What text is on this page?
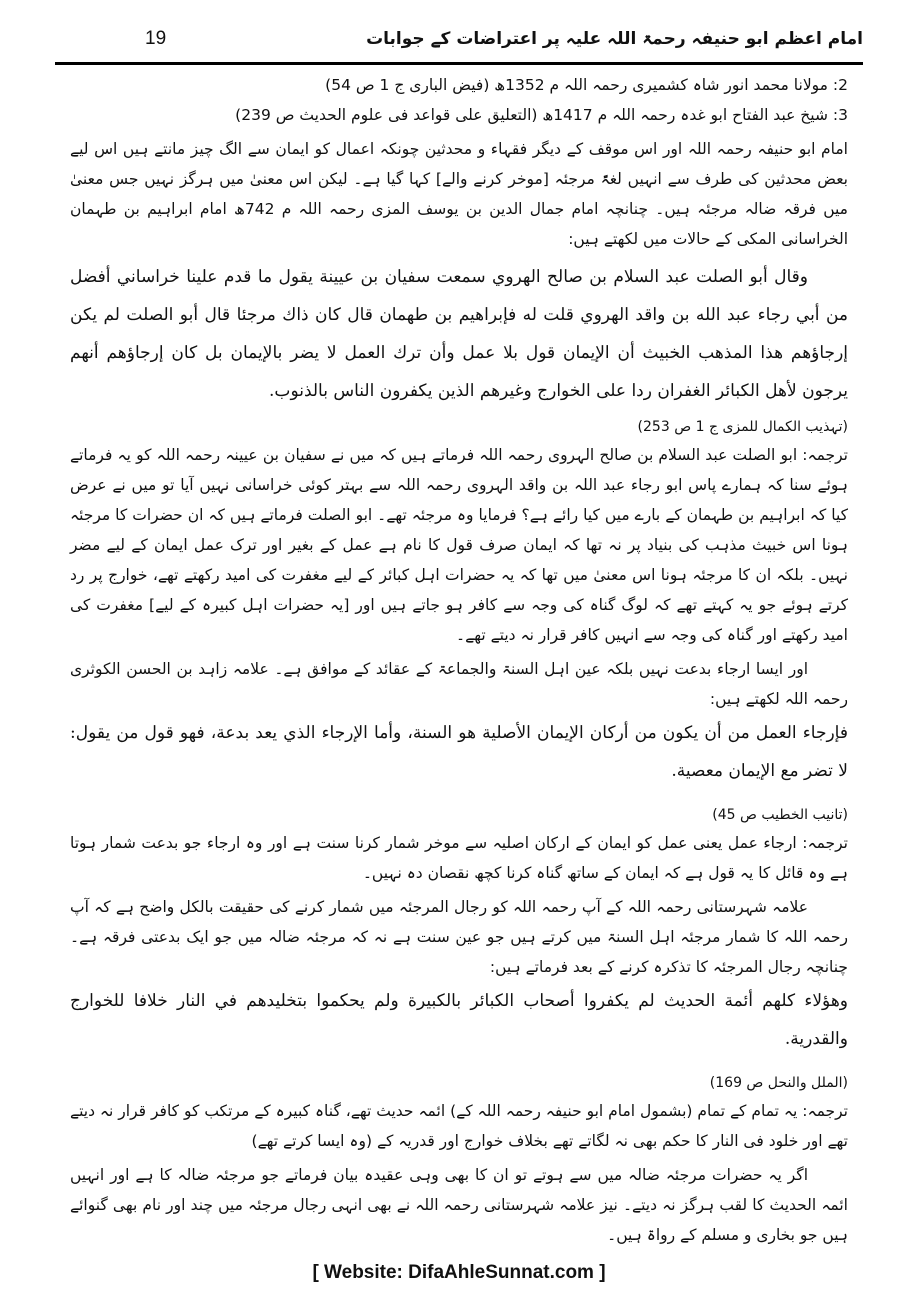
امام اعظم ابو حنیفہ رحمۃ اللہ علیہ پر اعتراضات کے جوابات
19

2: مولانا محمد انور شاہ کشمیری رحمہ اللہ م 1352ھ (فیض الباری ج 1 ص 54)

3: شیخ عبد الفتاح ابو غدہ رحمہ اللہ م 1417ھ (التعلیق علی قواعد فی علوم الحدیث ص 239)

امام ابو حنیفہ رحمہ اللہ اور اس موقف کے دیگر فقہاء و محدثین چونکہ اعمال کو ایمان سے الگ چیز مانتے ہیں اس لیے بعض محدثین کی طرف سے انہیں لغۃً مرجئہ [موخر کرنے والے] کہا گیا ہے۔ لیکن اس معنیٰ میں ہرگز نہیں جس معنیٰ میں فرقہ ضالہ مرجئہ ہیں۔ چنانچہ امام جمال الدین بن یوسف المزی رحمہ اللہ م 742ھ امام ابراہیم بن طہمان الخراسانی المکی کے حالات میں لکھتے ہیں:

وقال أبو الصلت عبد السلام بن صالح الهروي سمعت سفيان بن عيينة يقول ما قدم علينا خراساني أفضل من أبي رجاء عبد الله بن واقد الهروي قلت له فإبراهيم بن طهمان قال كان ذاك مرجئا قال أبو الصلت لم يكن إرجاؤهم هذا المذهب الخبيث أن الإيمان قول بلا عمل وأن ترك العمل لا يضر بالإيمان بل كان إرجاؤهم أنهم يرجون لأهل الكبائر الغفران ردا على الخوارج وغيرهم الذين يكفرون الناس بالذنوب.

(تہذیب الکمال للمزی ج 1 ص 253)

ترجمہ: ابو الصلت عبد السلام بن صالح الہروی رحمہ اللہ فرماتے ہیں کہ میں نے سفیان بن عیینہ رحمہ اللہ کو یہ فرماتے ہوئے سنا کہ ہمارے پاس ابو رجاء عبد اللہ بن واقد الہروی رحمہ اللہ سے بہتر کوئی خراسانی نہیں آیا تو میں نے عرض کیا کہ ابراہیم بن طہمان کے بارے میں کیا رائے ہے؟ فرمایا وہ مرجئہ تھے۔ ابو الصلت فرماتے ہیں کہ ان حضرات کا مرجئہ ہونا اس خبیث مذہب کی بنیاد پر نہ تھا کہ ایمان صرف قول کا نام ہے عمل کے بغیر اور ترک عمل ایمان کے لیے مضر نہیں۔ بلکہ ان کا مرجئہ ہونا اس معنیٰ میں تھا کہ یہ حضرات اہل کبائر کے لیے مغفرت کی امید رکھتے تھے، خوارج پر رد کرتے ہوئے جو یہ کہتے تھے کہ لوگ گناہ کی وجہ سے کافر ہو جاتے ہیں اور [یہ حضرات اہل کبیرہ کے لیے] مغفرت کی امید رکھتے اور گناہ کی وجہ سے انہیں کافر قرار نہ دیتے تھے۔

اور ایسا ارجاء بدعت نہیں بلکہ عین اہل السنۃ والجماعۃ کے عقائد کے موافق ہے۔ علامہ زاہد بن الحسن الکوثری رحمہ اللہ لکھتے ہیں:

فإرجاء العمل من أن يكون من أركان الإيمان الأصلية هو السنة، وأما الإرجاء الذي يعد بدعة، فهو قول من يقول: لا تضر مع الإيمان معصية.

(تانیب الخطیب ص 45)

ترجمہ: ارجاء عمل یعنی عمل کو ایمان کے ارکان اصلیہ سے موخر شمار کرنا سنت ہے اور وہ ارجاء جو بدعت شمار ہوتا ہے وہ قائل کا یہ قول ہے کہ ایمان کے ساتھ گناہ کرنا کچھ نقصان دہ نہیں۔

علامہ شہرستانی رحمہ اللہ کے آپ رحمہ اللہ کو رجال المرجئہ میں شمار کرنے کی حقیقت بالکل واضح ہے کہ آپ رحمہ اللہ کا شمار مرجئہ اہل السنۃ میں کرتے ہیں جو عین سنت ہے نہ کہ مرجئہ ضالہ میں جو ایک بدعتی فرقہ ہے۔ چنانچہ رجال المرجئہ کا تذکرہ کرنے کے بعد فرماتے ہیں:

وهؤلاء كلهم أئمة الحديث لم يكفروا أصحاب الكبائر بالكبيرة ولم يحكموا بتخليدهم في النار خلافا للخوارج والقدرية.

(الملل والنحل ص 169)

ترجمہ: یہ تمام کے تمام (بشمول امام ابو حنیفہ رحمہ اللہ کے) ائمہ حدیث تھے، گناہ کبیرہ کے مرتکب کو کافر قرار نہ دیتے تھے اور خلود فی النار کا حکم بھی نہ لگاتے تھے بخلاف خوارج اور قدریہ کے (وہ ایسا کرتے تھے)

اگر یہ حضرات مرجئہ ضالہ میں سے ہوتے تو ان کا بھی وہی عقیدہ بیان فرماتے جو مرجئہ ضالہ کا ہے اور انہیں ائمہ الحدیث کا لقب ہرگز نہ دیتے۔ نیز علامہ شہرستانی رحمہ اللہ نے بھی انہی رجال مرجئہ میں چند اور نام بھی گنوائے ہیں جو بخاری و مسلم کے رواۃ ہیں۔

[ Website: DifaAhleSunnat.com ]
